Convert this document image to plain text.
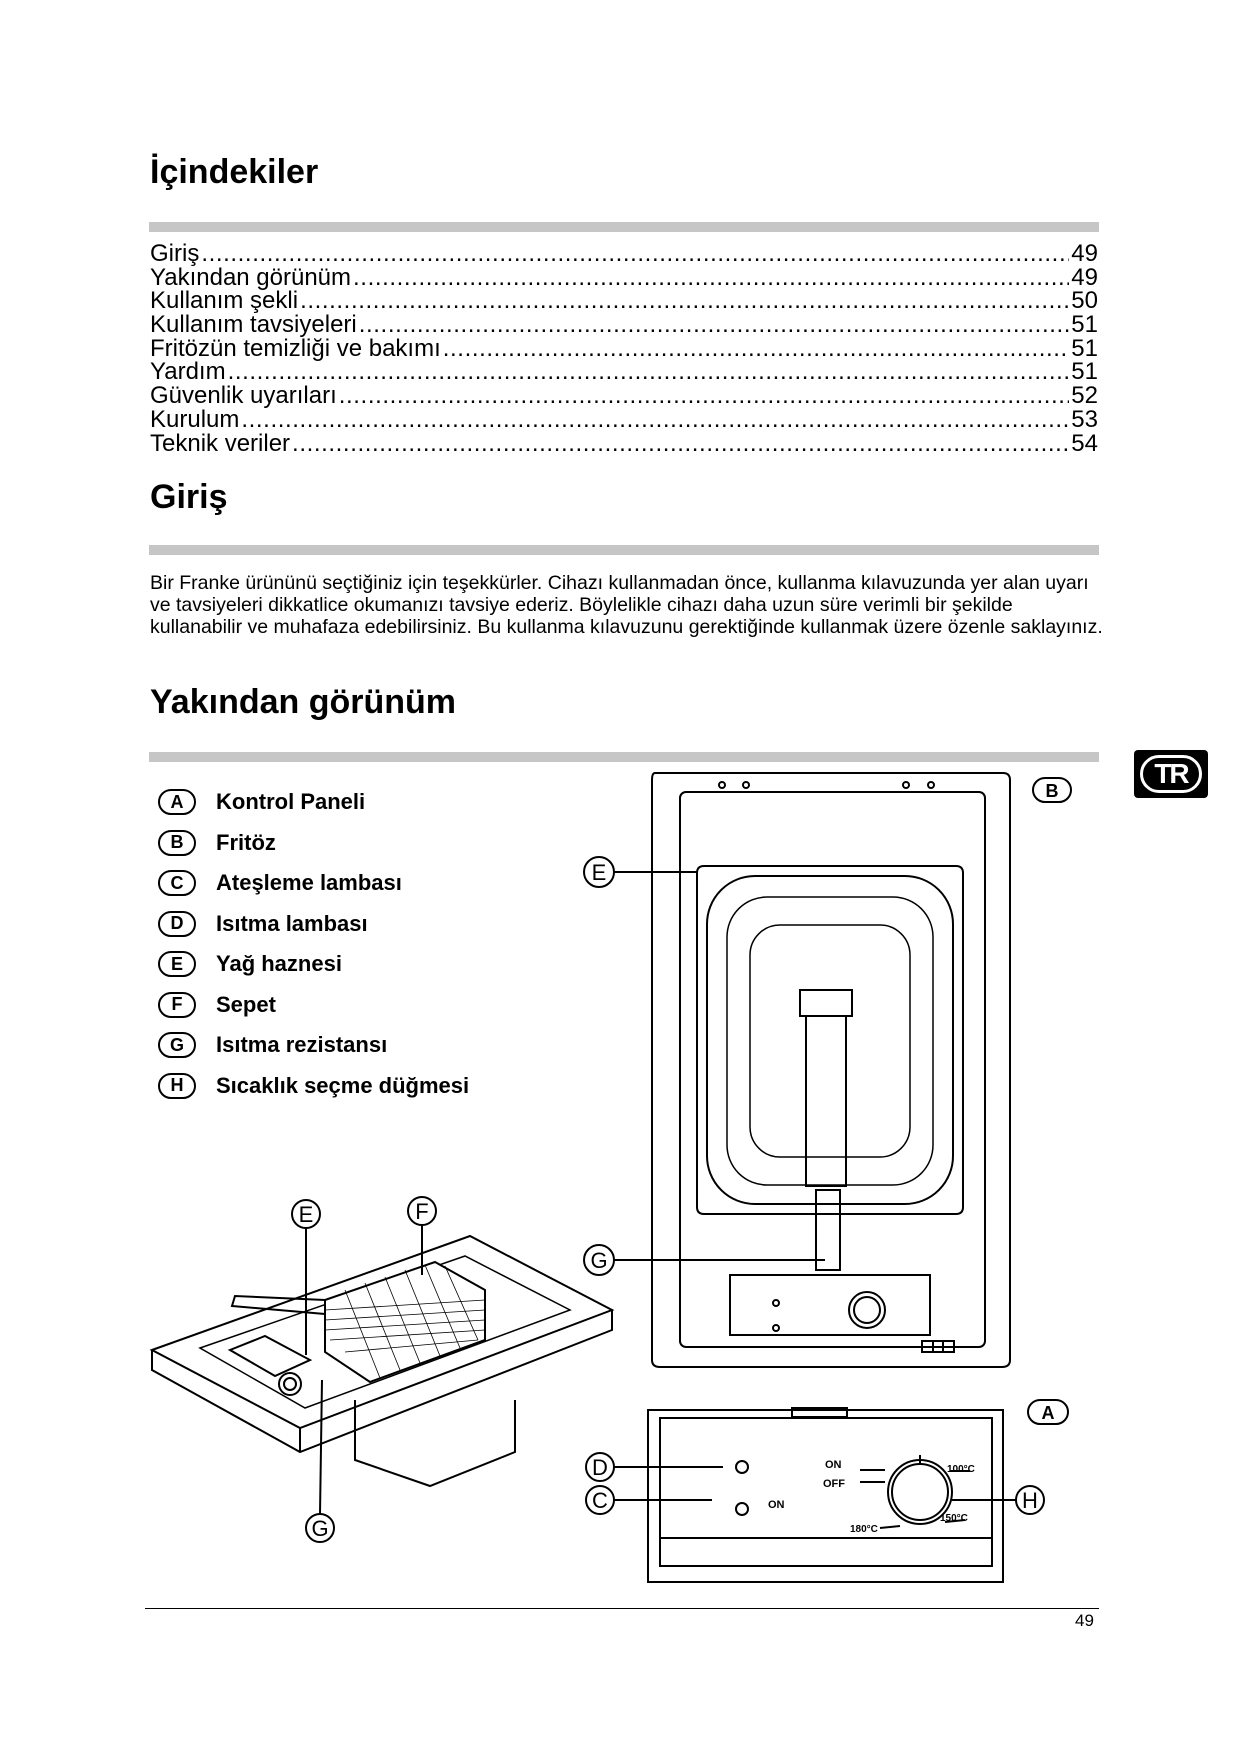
İçindekiler
Giriş .....	49
Yakından görünüm .....	49
Kullanım şekli .....	50
Kullanım tavsiyeleri .....	51
Fritözün temizliği ve bakımı .....	51
Yardım .....	51
Güvenlik uyarıları .....	52
Kurulum .....	53
Teknik veriler .....	54
Giriş

Bir Franke ürününü seçtiğiniz için teşekkürler. Cihazı kullanmadan önce, kullanma kılavuzunda yer alan uyarı ve tavsiyeleri dikkatlice okumanızı tavsiye ederiz. Böylelikle cihazı daha uzun süre verimli bir şekilde kullanabilir ve muhafaza edebilirsiniz. Bu kullanma kılavuzunu gerektiğinde kullanmak üzere özenle saklayınız.

Yakından görünüm
TR
A	Kontrol Paneli
B	Fritöz
C	Ateşleme lambası
D	Isıtma lambası
E	Yağ haznesi
F	Sepet
G	Isıtma rezistansı
H	Sıcaklık seçme düğmesi
E
G
D
C	H
E	F
G
B
A
ON
OFF
ON
100°C
150°C
180°C
49
